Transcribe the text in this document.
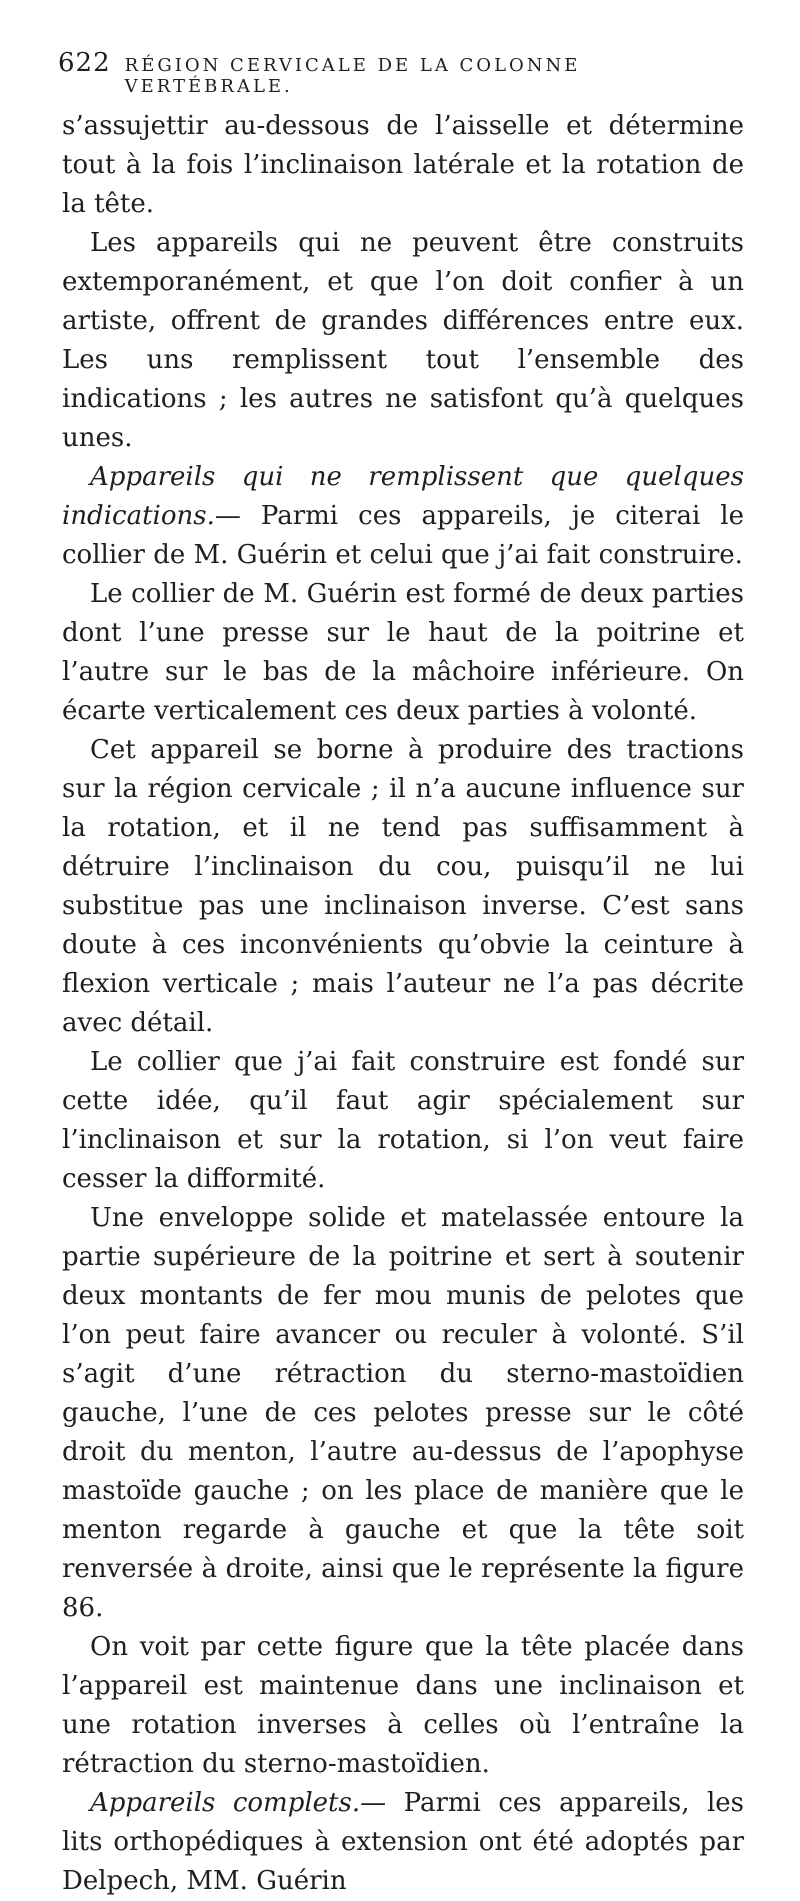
622 RÉGION CERVICALE DE LA COLONNE VERTÉBRALE.

s’assujettir au-dessous de l’aisselle et détermine tout à la fois l’inclinaison latérale et la rotation de la tête.

Les appareils qui ne peuvent être construits extemporanément, et que l’on doit confier à un artiste, offrent de grandes différences entre eux. Les uns remplissent tout l’ensemble des indications ; les autres ne satisfont qu’à quelques unes.

Appareils qui ne remplissent que quelques indications.— Parmi ces appareils, je citerai le collier de M. Guérin et celui que j’ai fait construire.

Le collier de M. Guérin est formé de deux parties dont l’une presse sur le haut de la poitrine et l’autre sur le bas de la mâchoire inférieure. On écarte verticalement ces deux parties à volonté.

Cet appareil se borne à produire des tractions sur la région cervicale ; il n’a aucune influence sur la rotation, et il ne tend pas suffisamment à détruire l’inclinaison du cou, puisqu’il ne lui substitue pas une inclinaison inverse. C’est sans doute à ces inconvénients qu’obvie la ceinture à flexion verticale ; mais l’auteur ne l’a pas décrite avec détail.

Le collier que j’ai fait construire est fondé sur cette idée, qu’il faut agir spécialement sur l’inclinaison et sur la rotation, si l’on veut faire cesser la difformité.

Une enveloppe solide et matelassée entoure la partie supérieure de la poitrine et sert à soutenir deux montants de fer mou munis de pelotes que l’on peut faire avancer ou reculer à volonté. S’il s’agit d’une rétraction du sterno-mastoïdien gauche, l’une de ces pelotes presse sur le côté droit du menton, l’autre au-dessus de l’apophyse mastoïde gauche ; on les place de manière que le menton regarde à gauche et que la tête soit renversée à droite, ainsi que le représente la figure 86.

On voit par cette figure que la tête placée dans l’appareil est maintenue dans une inclinaison et une rotation inverses à celles où l’entraîne la rétraction du sterno-mastoïdien.

Appareils complets.— Parmi ces appareils, les lits orthopédiques à extension ont été adoptés par Delpech, MM. Guérin
